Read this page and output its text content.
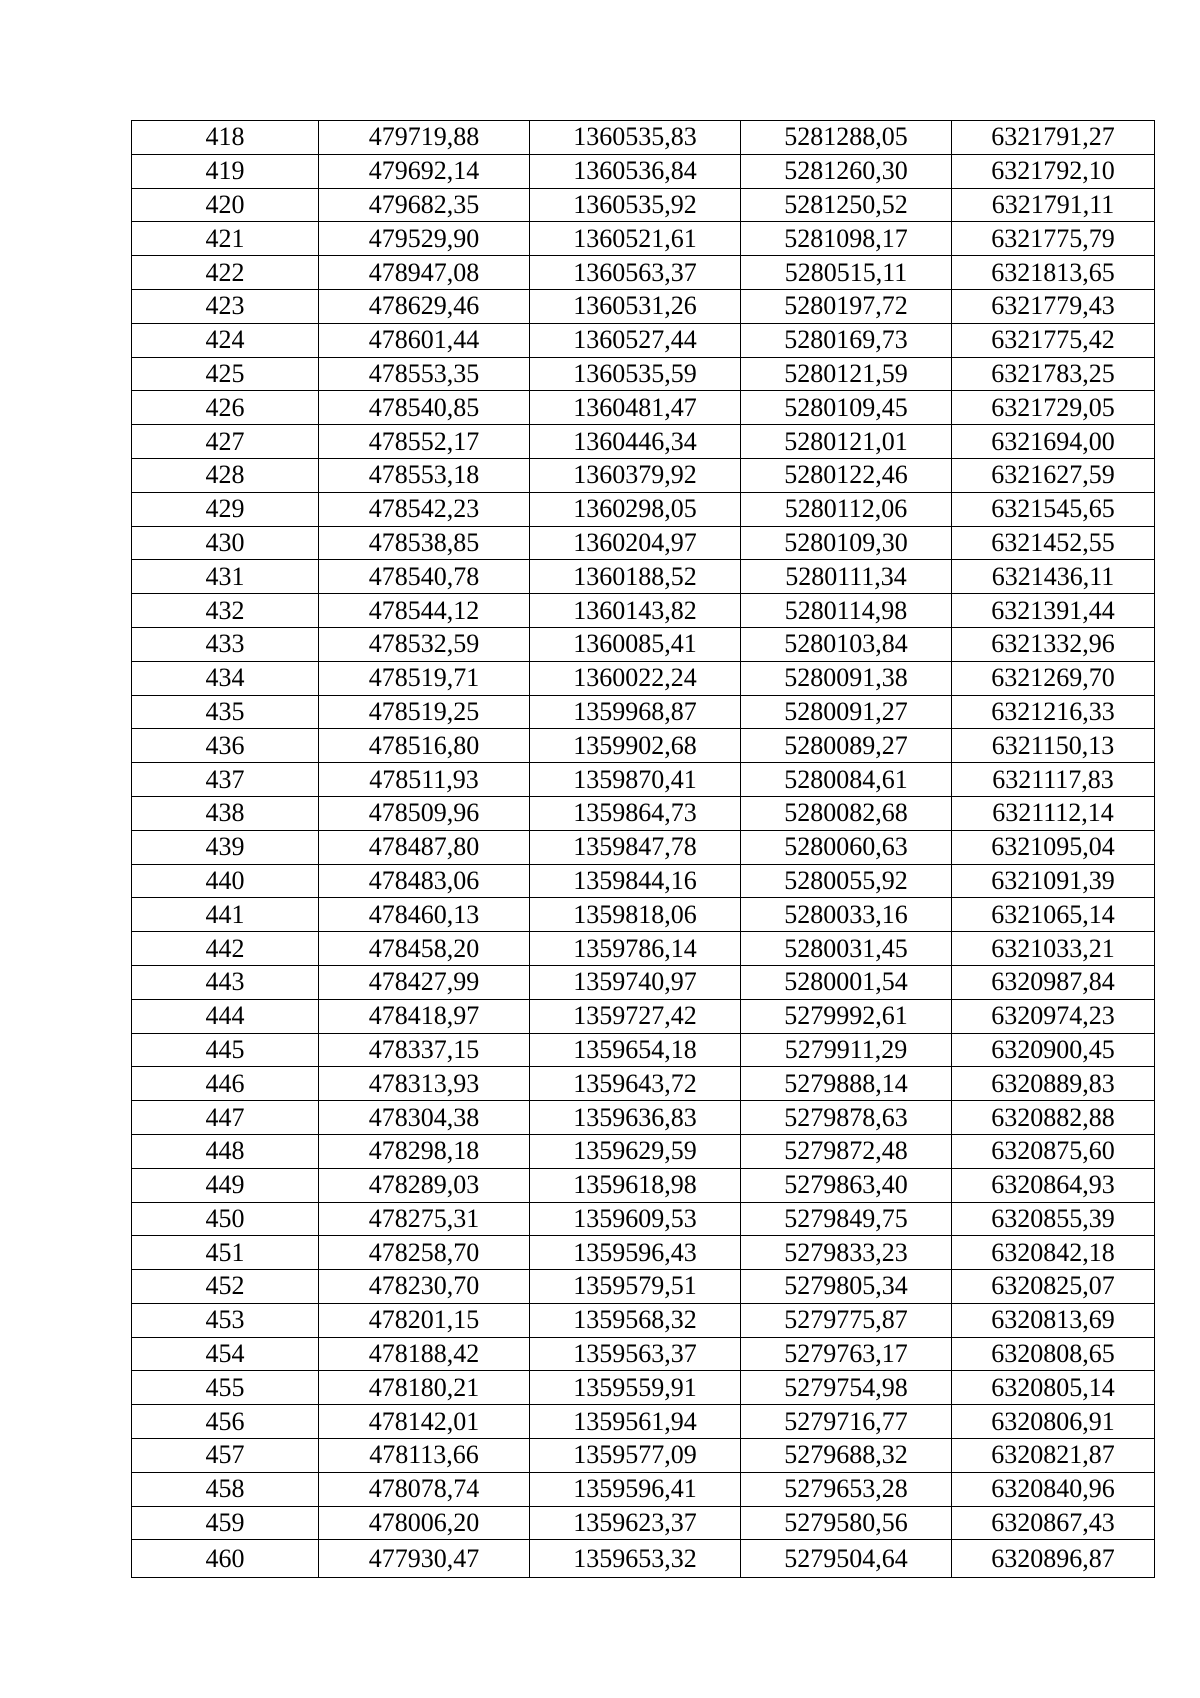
418	479719,88	1360535,83	5281288,05	6321791,27
419	479692,14	1360536,84	5281260,30	6321792,10
420	479682,35	1360535,92	5281250,52	6321791,11
421	479529,90	1360521,61	5281098,17	6321775,79
422	478947,08	1360563,37	5280515,11	6321813,65
423	478629,46	1360531,26	5280197,72	6321779,43
424	478601,44	1360527,44	5280169,73	6321775,42
425	478553,35	1360535,59	5280121,59	6321783,25
426	478540,85	1360481,47	5280109,45	6321729,05
427	478552,17	1360446,34	5280121,01	6321694,00
428	478553,18	1360379,92	5280122,46	6321627,59
429	478542,23	1360298,05	5280112,06	6321545,65
430	478538,85	1360204,97	5280109,30	6321452,55
431	478540,78	1360188,52	5280111,34	6321436,11
432	478544,12	1360143,82	5280114,98	6321391,44
433	478532,59	1360085,41	5280103,84	6321332,96
434	478519,71	1360022,24	5280091,38	6321269,70
435	478519,25	1359968,87	5280091,27	6321216,33
436	478516,80	1359902,68	5280089,27	6321150,13
437	478511,93	1359870,41	5280084,61	6321117,83
438	478509,96	1359864,73	5280082,68	6321112,14
439	478487,80	1359847,78	5280060,63	6321095,04
440	478483,06	1359844,16	5280055,92	6321091,39
441	478460,13	1359818,06	5280033,16	6321065,14
442	478458,20	1359786,14	5280031,45	6321033,21
443	478427,99	1359740,97	5280001,54	6320987,84
444	478418,97	1359727,42	5279992,61	6320974,23
445	478337,15	1359654,18	5279911,29	6320900,45
446	478313,93	1359643,72	5279888,14	6320889,83
447	478304,38	1359636,83	5279878,63	6320882,88
448	478298,18	1359629,59	5279872,48	6320875,60
449	478289,03	1359618,98	5279863,40	6320864,93
450	478275,31	1359609,53	5279849,75	6320855,39
451	478258,70	1359596,43	5279833,23	6320842,18
452	478230,70	1359579,51	5279805,34	6320825,07
453	478201,15	1359568,32	5279775,87	6320813,69
454	478188,42	1359563,37	5279763,17	6320808,65
455	478180,21	1359559,91	5279754,98	6320805,14
456	478142,01	1359561,94	5279716,77	6320806,91
457	478113,66	1359577,09	5279688,32	6320821,87
458	478078,74	1359596,41	5279653,28	6320840,96
459	478006,20	1359623,37	5279580,56	6320867,43
460	477930,47	1359653,32	5279504,64	6320896,87
